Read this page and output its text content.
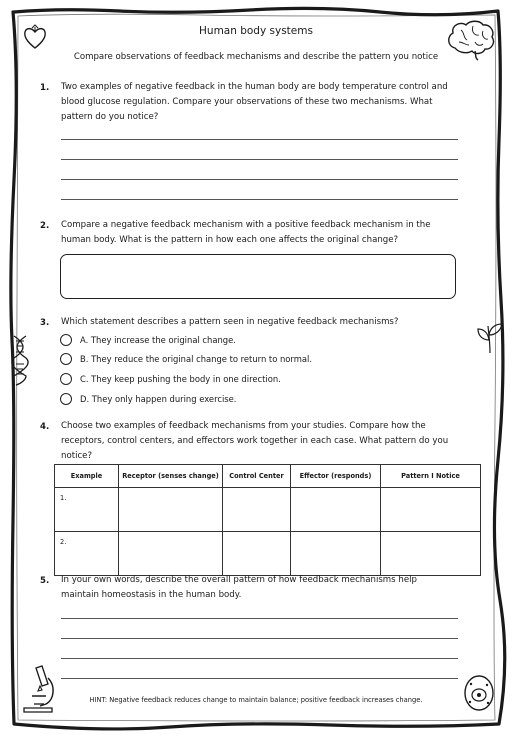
Human body systems
Compare observations of feedback mechanisms and describe the pattern you notice
1. Two examples of negative feedback in the human body are body temperature control and blood glucose regulation. Compare your observations of these two mechanisms. What pattern do you notice?
2. Compare a negative feedback mechanism with a positive feedback mechanism in the human body. What is the pattern in how each one affects the original change?
3. Which statement describes a pattern seen in negative feedback mechanisms?
A. They increase the original change.
B. They reduce the original change to return to normal.
C. They keep pushing the body in one direction.
D. They only happen during exercise.
4. Choose two examples of feedback mechanisms from your studies. Compare how the receptors, control centers, and effectors work together in each case. What pattern do you notice?
Example	Receptor (senses change)	Control Center	Effector (responds)	Pattern I Notice
1.				
2.				
5. In your own words, describe the overall pattern of how feedback mechanisms help maintain homeostasis in the human body.
HINT: Negative feedback reduces change to maintain balance; positive feedback increases change.
